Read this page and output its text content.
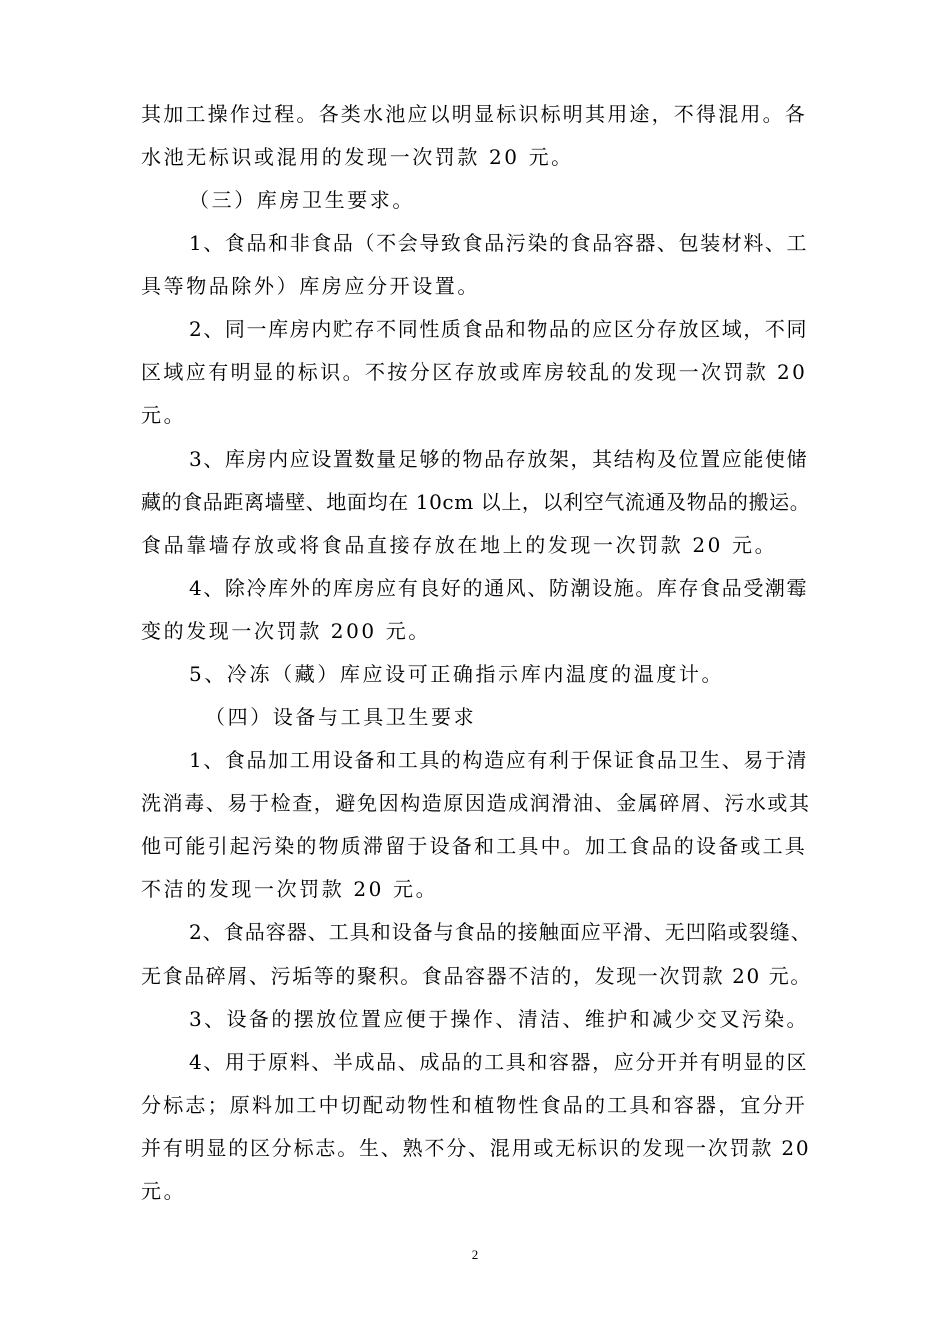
其加工操作过程。各类水池应以明显标识标明其用途，不得混用。各
水池无标识或混用的发现一次罚款 20 元。
（三）库房卫生要求。
1、食品和非食品（不会导致食品污染的食品容器、包装材料、工
具等物品除外）库房应分开设置。
2、同一库房内贮存不同性质食品和物品的应区分存放区域，不同
区域应有明显的标识。不按分区存放或库房较乱的发现一次罚款 20
元。
3、库房内应设置数量足够的物品存放架，其结构及位置应能使储
藏的食品距离墙壁、地面均在 10cm 以上，以利空气流通及物品的搬运。
食品靠墙存放或将食品直接存放在地上的发现一次罚款 20 元。
4、除冷库外的库房应有良好的通风、防潮设施。库存食品受潮霉
变的发现一次罚款 200 元。
5、冷冻（藏）库应设可正确指示库内温度的温度计。
（四）设备与工具卫生要求
1、食品加工用设备和工具的构造应有利于保证食品卫生、易于清
洗消毒、易于检查，避免因构造原因造成润滑油、金属碎屑、污水或其
他可能引起污染的物质滞留于设备和工具中。加工食品的设备或工具
不洁的发现一次罚款 20 元。
2、食品容器、工具和设备与食品的接触面应平滑、无凹陷或裂缝、
无食品碎屑、污垢等的聚积。食品容器不洁的，发现一次罚款 20 元。
3、设备的摆放位置应便于操作、清洁、维护和减少交叉污染。
4、用于原料、半成品、成品的工具和容器，应分开并有明显的区
分标志；原料加工中切配动物性和植物性食品的工具和容器，宜分开
并有明显的区分标志。生、熟不分、混用或无标识的发现一次罚款 20
元。
2
